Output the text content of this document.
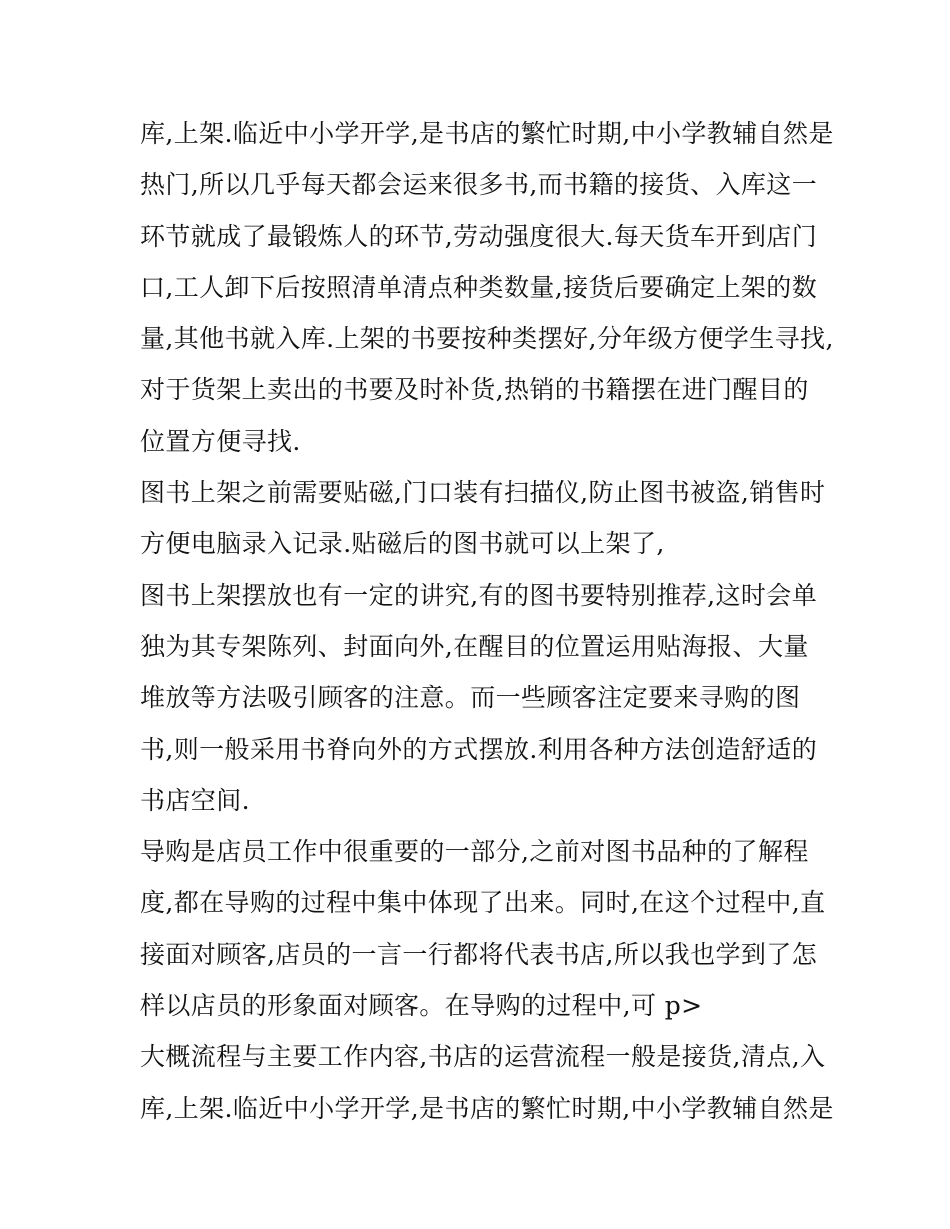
库,上架.临近中小学开学,是书店的繁忙时期,中小学教辅自然是
热门,所以几乎每天都会运来很多书,而书籍的接货、入库这一
环节就成了最锻炼人的环节,劳动强度很大.每天货车开到店门
口,工人卸下后按照清单清点种类数量,接货后要确定上架的数
量,其他书就入库.上架的书要按种类摆好,分年级方便学生寻找,
对于货架上卖出的书要及时补货,热销的书籍摆在进门醒目的
位置方便寻找.
图书上架之前需要贴磁,门口装有扫描仪,防止图书被盗,销售时
方便电脑录入记录.贴磁后的图书就可以上架了,
图书上架摆放也有一定的讲究,有的图书要特别推荐,这时会单
独为其专架陈列、封面向外,在醒目的位置运用贴海报、大量
堆放等方法吸引顾客的注意。而一些顾客注定要来寻购的图
书,则一般采用书脊向外的方式摆放.利用各种方法创造舒适的
书店空间.
导购是店员工作中很重要的一部分,之前对图书品种的了解程
度,都在导购的过程中集中体现了出来。同时,在这个过程中,直
接面对顾客,店员的一言一行都将代表书店,所以我也学到了怎
样以店员的形象面对顾客。在导购的过程中,可 p>
大概流程与主要工作内容,书店的运营流程一般是接货,清点,入
库,上架.临近中小学开学,是书店的繁忙时期,中小学教辅自然是
